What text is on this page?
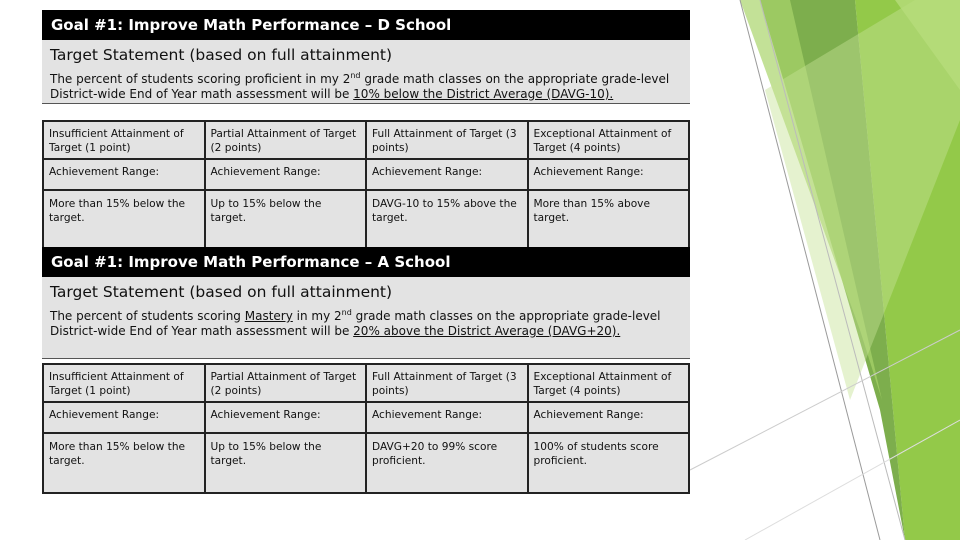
Goal #1: Improve Math Performance – D School
Target Statement (based on full attainment)
The percent of students scoring proficient in my 2nd grade math classes on the appropriate grade-level District-wide End of Year math assessment will be 10% below the District Average (DAVG-10).
Insufficient Attainment of Target (1 point)	Partial Attainment of Target (2 points)	Full Attainment of Target (3 points)	Exceptional Attainment of Target (4 points)
Achievement Range:	Achievement Range:	Achievement Range:	Achievement Range:
More than 15% below the target.	Up to 15% below the target.	DAVG-10 to 15% above the target.	More than 15% above target.
Goal #1: Improve Math Performance – A School
Target Statement (based on full attainment)
The percent of students scoring Mastery in my 2nd grade math classes on the appropriate grade-level District-wide End of Year math assessment will be 20% above the District Average (DAVG+20).
Insufficient Attainment of Target (1 point)	Partial Attainment of Target (2 points)	Full Attainment of Target (3 points)	Exceptional Attainment of Target (4 points)
Achievement Range:	Achievement Range:	Achievement Range:	Achievement Range:
More than 15% below the target.	Up to 15% below the target.	DAVG+20 to 99% score proficient.	100% of students score proficient.
